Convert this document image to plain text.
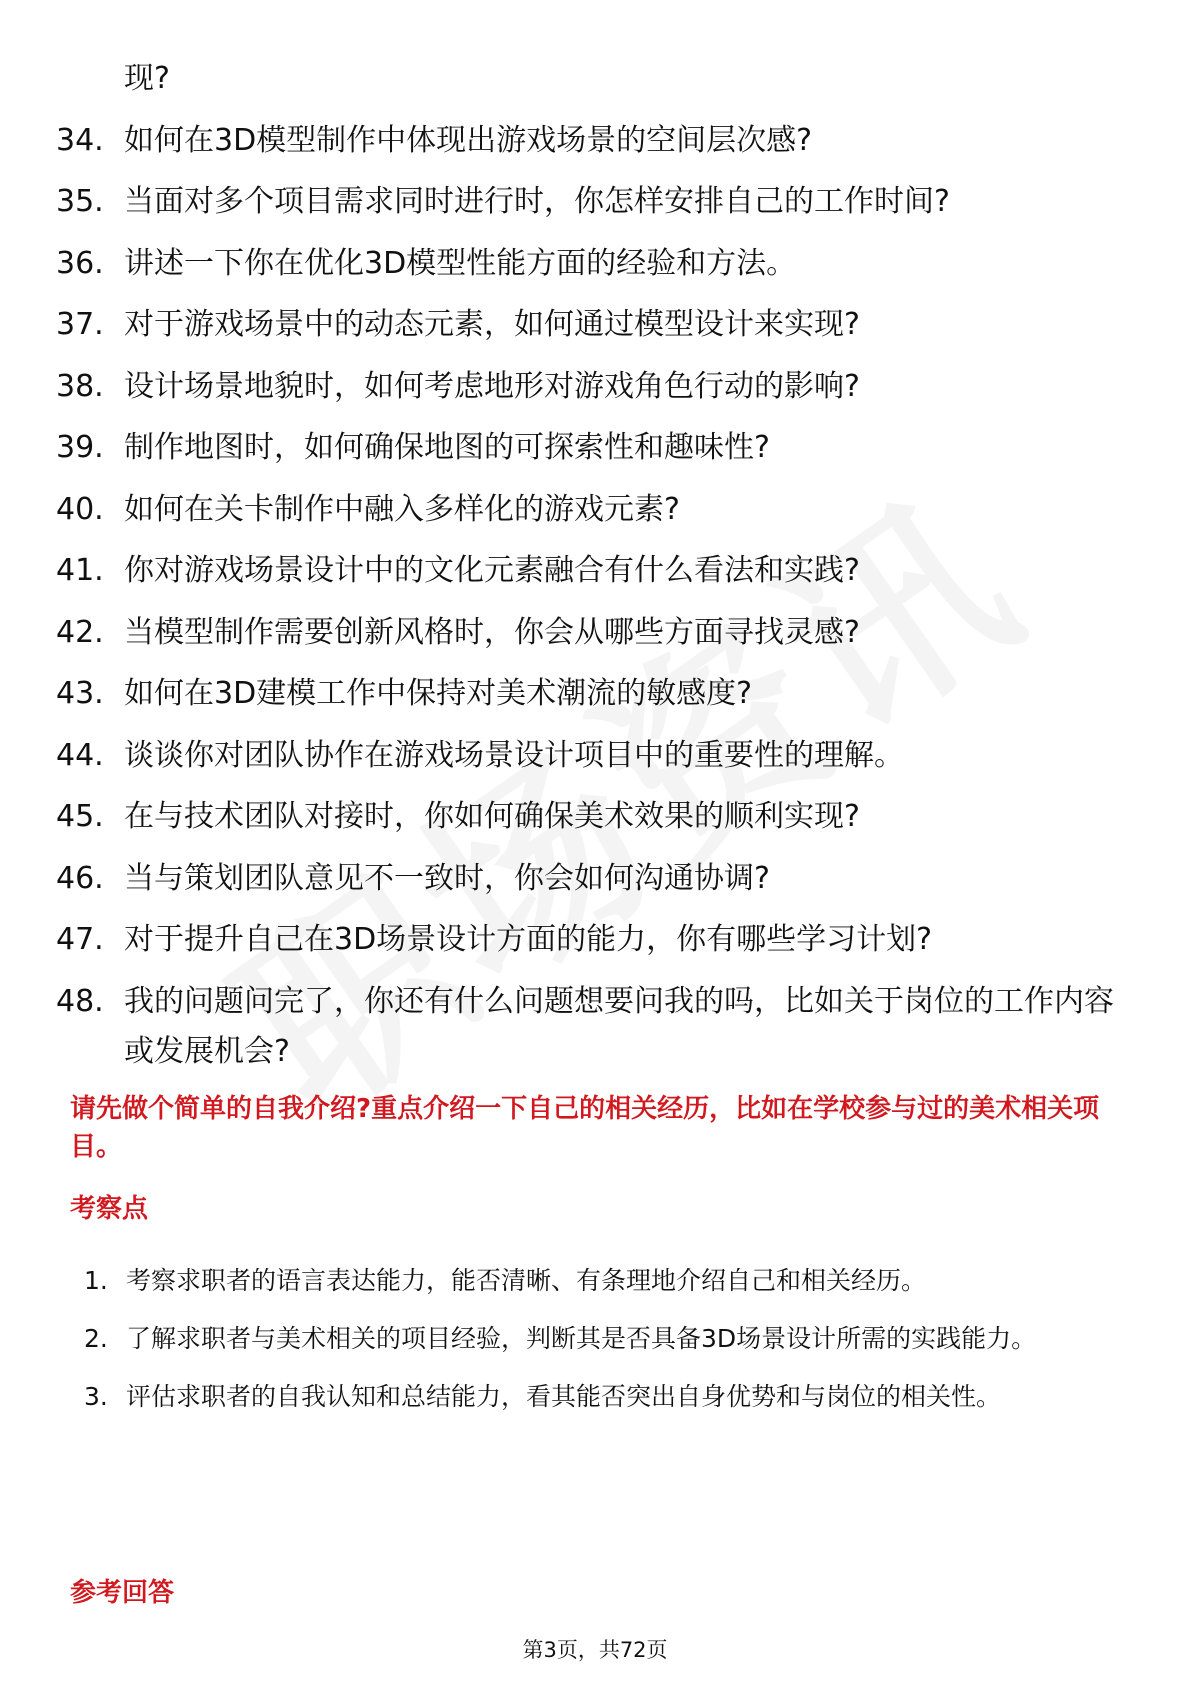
现?
34. 如何在3D模型制作中体现出游戏场景的空间层次感?
35. 当面对多个项目需求同时进行时，你怎样安排自己的工作时间?
36. 讲述一下你在优化3D模型性能方面的经验和方法。
37. 对于游戏场景中的动态元素，如何通过模型设计来实现?
38. 设计场景地貌时，如何考虑地形对游戏角色行动的影响?
39. 制作地图时，如何确保地图的可探索性和趣味性?
40. 如何在关卡制作中融入多样化的游戏元素?
41. 你对游戏场景设计中的文化元素融合有什么看法和实践?
42. 当模型制作需要创新风格时，你会从哪些方面寻找灵感?
43. 如何在3D建模工作中保持对美术潮流的敏感度?
44. 谈谈你对团队协作在游戏场景设计项目中的重要性的理解。
45. 在与技术团队对接时，你如何确保美术效果的顺利实现?
46. 当与策划团队意见不一致时，你会如何沟通协调?
47. 对于提升自己在3D场景设计方面的能力，你有哪些学习计划?
48. 我的问题问完了，你还有什么问题想要问我的吗，比如关于岗位的工作内容或发展机会?
请先做个简单的自我介绍?重点介绍一下自己的相关经历，比如在学校参与过的美术相关项目。
考察点
1. 考察求职者的语言表达能力，能否清晰、有条理地介绍自己和相关经历。
2. 了解求职者与美术相关的项目经验，判断其是否具备3D场景设计所需的实践能力。
3. 评估求职者的自我认知和总结能力，看其能否突出自身优势和与岗位的相关性。
参考回答
第3页，共72页
